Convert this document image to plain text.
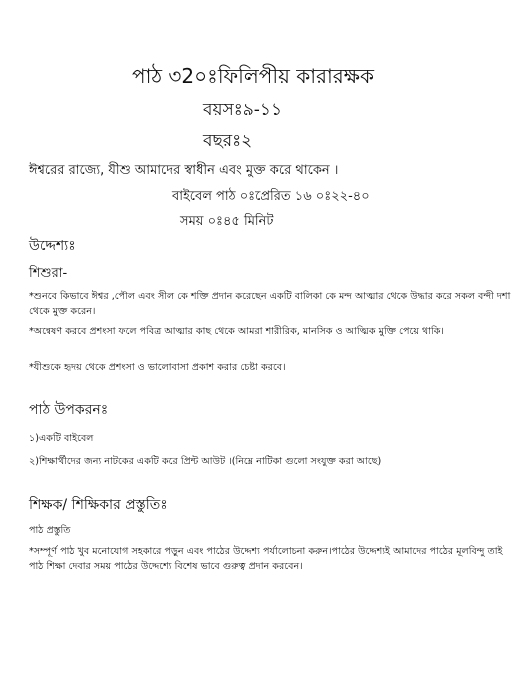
পাঠ ৩2০ঃফিলিপীয় কারারক্ষক
বয়সঃ৯-১১
বছরঃ২
ঈশ্বরের রাজ্যে, যীশু আমাদের স্বাধীন এবং মুক্ত করে থাকেন ।
বাইবেল পাঠ ০ঃপ্রেরিত ১৬ ০ঃ২২-৪০
সময় ০ঃ৪৫ মিনিট
উদ্দেশ্যঃ
শিশুরা-
*শুনবে কিভাবে ঈশ্বর ,পৌল এবং সীল কে শক্তি প্রদান করেছেন একটি বালিকা কে মন্দ আত্মার থেকে উদ্ধার করে সকল বন্দী দশা থেকে মুক্ত করেন।
*অন্বেষণ করবে প্রশংসা ফলে পবিত্র আত্মার কাছ থেকে আমরা শারীরিক, মানসিক ও আত্মিক মুক্তি পেয়ে থাকি।
*যীশুকে হৃদয় থেকে প্রশংসা ও ভালোবাসা প্রকাশ করার চেষ্টা করবে।
পাঠ উপকরনঃ
১)একটি বাইবেল
২)শিক্ষার্থীদের জন্য নাটকের একটি করে প্রিন্ট আউট ।(নিম্নে নাটিকা গুলো সংযুক্ত করা আছে)
শিক্ষক/ শিক্ষিকার প্রস্তুতিঃ
পাঠ প্রস্তুতি
*সম্পূর্ণ পাঠ খুব মনোযোগ সহকারে পড়ুন এবং পাঠের উদ্দেশ্য পর্যালোচনা করুন।পাঠের উদ্দেশ্যই আমাদের পাঠের মূলবিন্দু তাই পাঠ শিক্ষা দেবার সময় পাঠের উদ্দেশ্যে বিশেষ ভাবে গুরুত্ব প্রদান করবেন।
